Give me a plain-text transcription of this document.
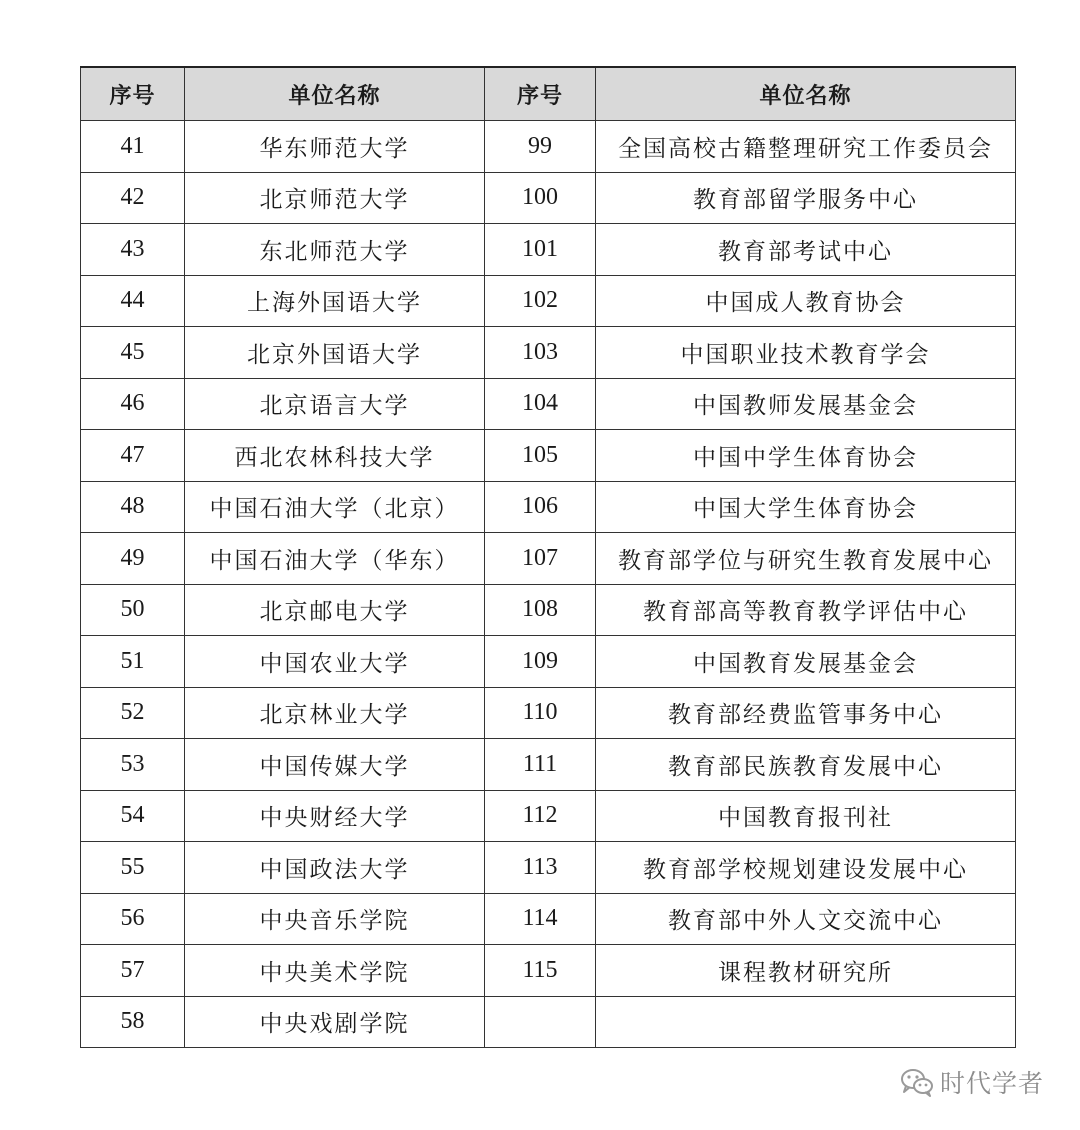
序号	单位名称	序号	单位名称
41	华东师范大学	99	全国高校古籍整理研究工作委员会
42	北京师范大学	100	教育部留学服务中心
43	东北师范大学	101	教育部考试中心
44	上海外国语大学	102	中国成人教育协会
45	北京外国语大学	103	中国职业技术教育学会
46	北京语言大学	104	中国教师发展基金会
47	西北农林科技大学	105	中国中学生体育协会
48	中国石油大学（北京）	106	中国大学生体育协会
49	中国石油大学（华东）	107	教育部学位与研究生教育发展中心
50	北京邮电大学	108	教育部高等教育教学评估中心
51	中国农业大学	109	中国教育发展基金会
52	北京林业大学	110	教育部经费监管事务中心
53	中国传媒大学	111	教育部民族教育发展中心
54	中央财经大学	112	中国教育报刊社
55	中国政法大学	113	教育部学校规划建设发展中心
56	中央音乐学院	114	教育部中外人文交流中心
57	中央美术学院	115	课程教材研究所
58	中央戏剧学院		
时代学者
